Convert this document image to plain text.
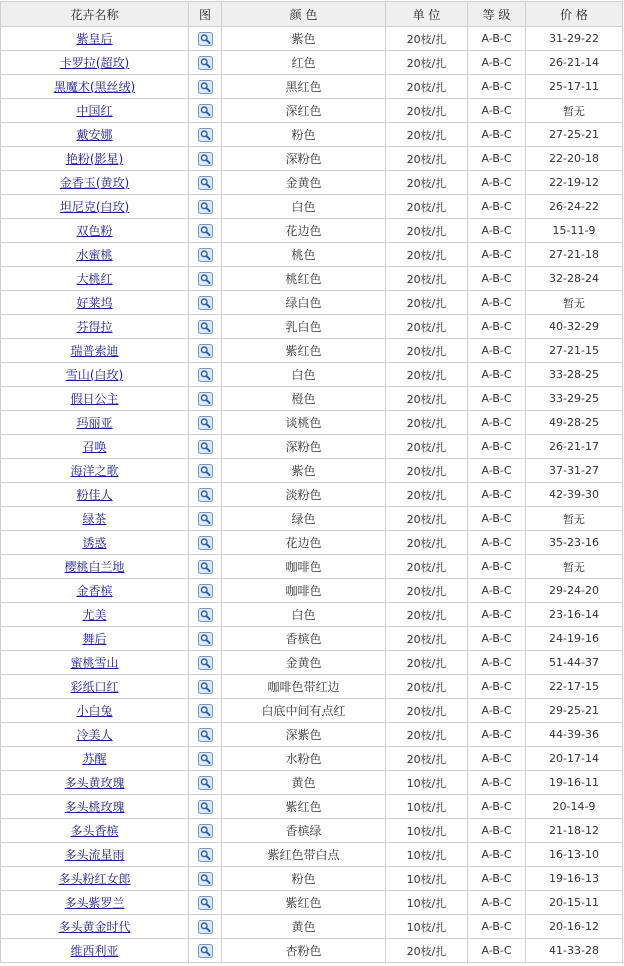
花卉名称	图	颜 色	单 位	等 级	价 格
紫皇后		紫色	20枝/扎	A-B-C	31-29-22
卡罗拉(超玫)		红色	20枝/扎	A-B-C	26-21-14
黑魔术(黑丝绒)		黑红色	20枝/扎	A-B-C	25-17-11
中国红		深红色	20枝/扎	A-B-C	暂无
戴安娜		粉色	20枝/扎	A-B-C	27-25-21
艳粉(影星)		深粉色	20枝/扎	A-B-C	22-20-18
金香玉(黄玫)		金黄色	20枝/扎	A-B-C	22-19-12
坦尼克(白玫)		白色	20枝/扎	A-B-C	26-24-22
双色粉		花边色	20枝/扎	A-B-C	15-11-9
水蜜桃		桃色	20枝/扎	A-B-C	27-21-18
大桃红		桃红色	20枝/扎	A-B-C	32-28-24
好莱坞		绿白色	20枝/扎	A-B-C	暂无
芬得拉		乳白色	20枝/扎	A-B-C	40-32-29
瑞普索迪		紫红色	20枝/扎	A-B-C	27-21-15
雪山(白玫)		白色	20枝/扎	A-B-C	33-28-25
假日公主		橙色	20枝/扎	A-B-C	33-29-25
玛丽亚		谈桃色	20枝/扎	A-B-C	49-28-25
召唤		深粉色	20枝/扎	A-B-C	26-21-17
海洋之歌		紫色	20枝/扎	A-B-C	37-31-27
粉佳人		淡粉色	20枝/扎	A-B-C	42-39-30
绿茶		绿色	20枝/扎	A-B-C	暂无
诱惑		花边色	20枝/扎	A-B-C	35-23-16
樱桃白兰地		咖啡色	20枝/扎	A-B-C	暂无
金香槟		咖啡色	20枝/扎	A-B-C	29-24-20
尤美		白色	20枝/扎	A-B-C	23-16-14
舞后		香槟色	20枝/扎	A-B-C	24-19-16
蜜桃雪山		金黄色	20枝/扎	A-B-C	51-44-37
彩纸口红		咖啡色带红边	20枝/扎	A-B-C	22-17-15
小白兔		白底中间有点红	20枝/扎	A-B-C	29-25-21
冷美人		深紫色	20枝/扎	A-B-C	44-39-36
苏醒		水粉色	20枝/扎	A-B-C	20-17-14
多头黄玫瑰		黄色	10枝/扎	A-B-C	19-16-11
多头桃玫瑰		紫红色	10枝/扎	A-B-C	20-14-9
多头香槟		香槟绿	10枝/扎	A-B-C	21-18-12
多头流星雨		紫红色带白点	10枝/扎	A-B-C	16-13-10
多头粉红女郎		粉色	10枝/扎	A-B-C	19-16-13
多头紫罗兰		紫红色	10枝/扎	A-B-C	20-15-11
多头黄金时代		黄色	10枝/扎	A-B-C	20-16-12
维西利亚		杏粉色	20枝/扎	A-B-C	41-33-28
